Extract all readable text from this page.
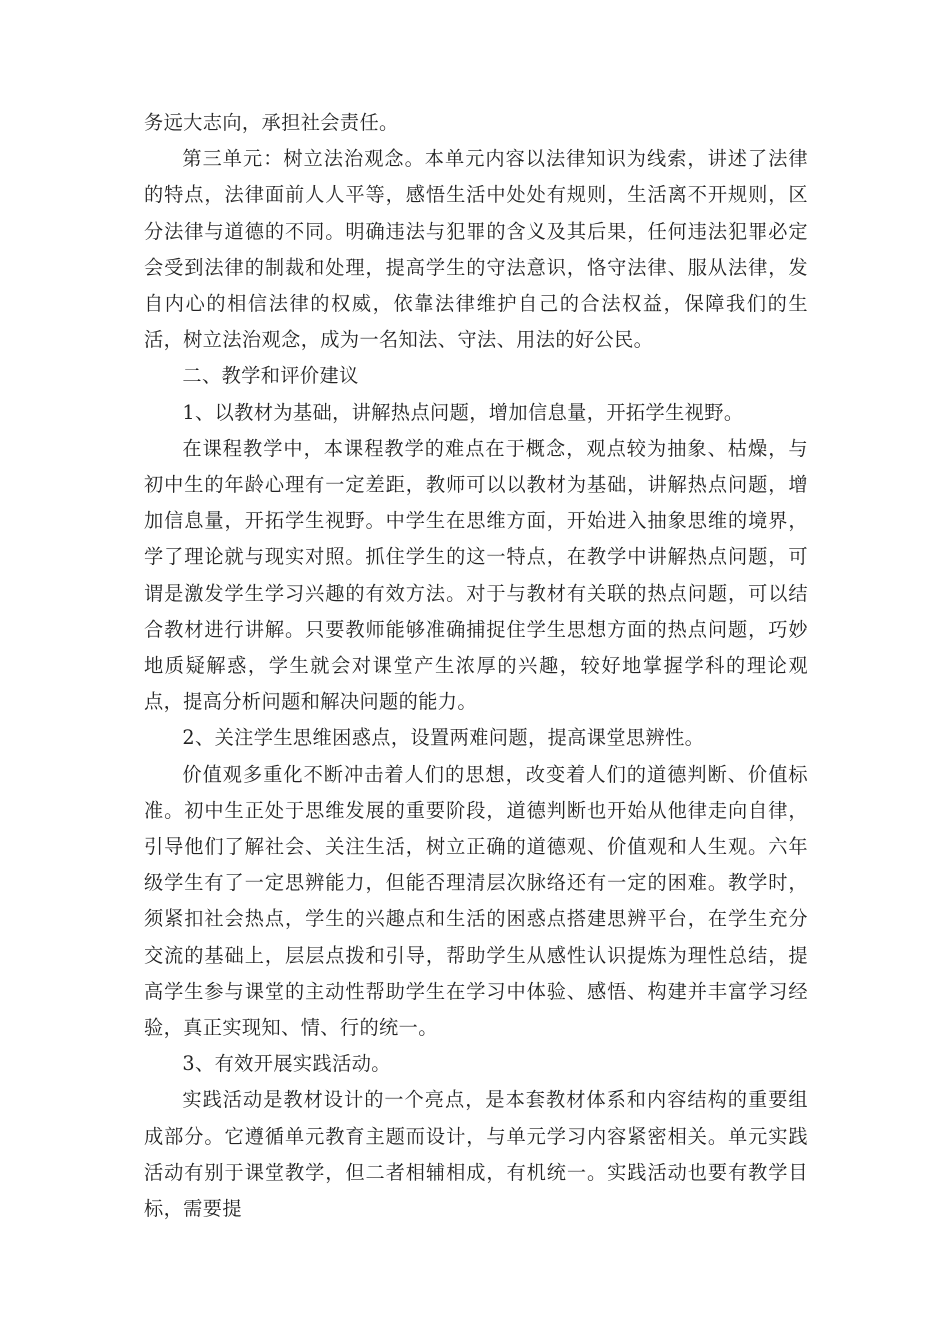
务远大志向，承担社会责任。

第三单元：树立法治观念。本单元内容以法律知识为线索，讲述了法律的特点，法律面前人人平等，感悟生活中处处有规则，生活离不开规则，区分法律与道德的不同。明确违法与犯罪的含义及其后果，任何违法犯罪必定会受到法律的制裁和处理，提高学生的守法意识，恪守法律、服从法律，发自内心的相信法律的权威，依靠法律维护自己的合法权益，保障我们的生活，树立法治观念，成为一名知法、守法、用法的好公民。

二、教学和评价建议

1、以教材为基础，讲解热点问题，增加信息量，开拓学生视野。

在课程教学中，本课程教学的难点在于概念，观点较为抽象、枯燥，与初中生的年龄心理有一定差距，教师可以以教材为基础，讲解热点问题，增加信息量，开拓学生视野。中学生在思维方面，开始进入抽象思维的境界，学了理论就与现实对照。抓住学生的这一特点，在教学中讲解热点问题，可谓是激发学生学习兴趣的有效方法。对于与教材有关联的热点问题，可以结合教材进行讲解。只要教师能够准确捕捉住学生思想方面的热点问题，巧妙地质疑解惑，学生就会对课堂产生浓厚的兴趣，较好地掌握学科的理论观点，提高分析问题和解决问题的能力。

2、关注学生思维困惑点，设置两难问题，提高课堂思辨性。

价值观多重化不断冲击着人们的思想，改变着人们的道德判断、价值标准。初中生正处于思维发展的重要阶段，道德判断也开始从他律走向自律，引导他们了解社会、关注生活，树立正确的道德观、价值观和人生观。六年级学生有了一定思辨能力，但能否理清层次脉络还有一定的困难。教学时，须紧扣社会热点，学生的兴趣点和生活的困惑点搭建思辨平台，在学生充分交流的基础上，层层点拨和引导，帮助学生从感性认识提炼为理性总结，提高学生参与课堂的主动性帮助学生在学习中体验、感悟、构建并丰富学习经验，真正实现知、情、行的统一。

3、有效开展实践活动。

实践活动是教材设计的一个亮点，是本套教材体系和内容结构的重要组成部分。它遵循单元教育主题而设计，与单元学习内容紧密相关。单元实践活动有别于课堂教学，但二者相辅相成，有机统一。实践活动也要有教学目标，需要提
